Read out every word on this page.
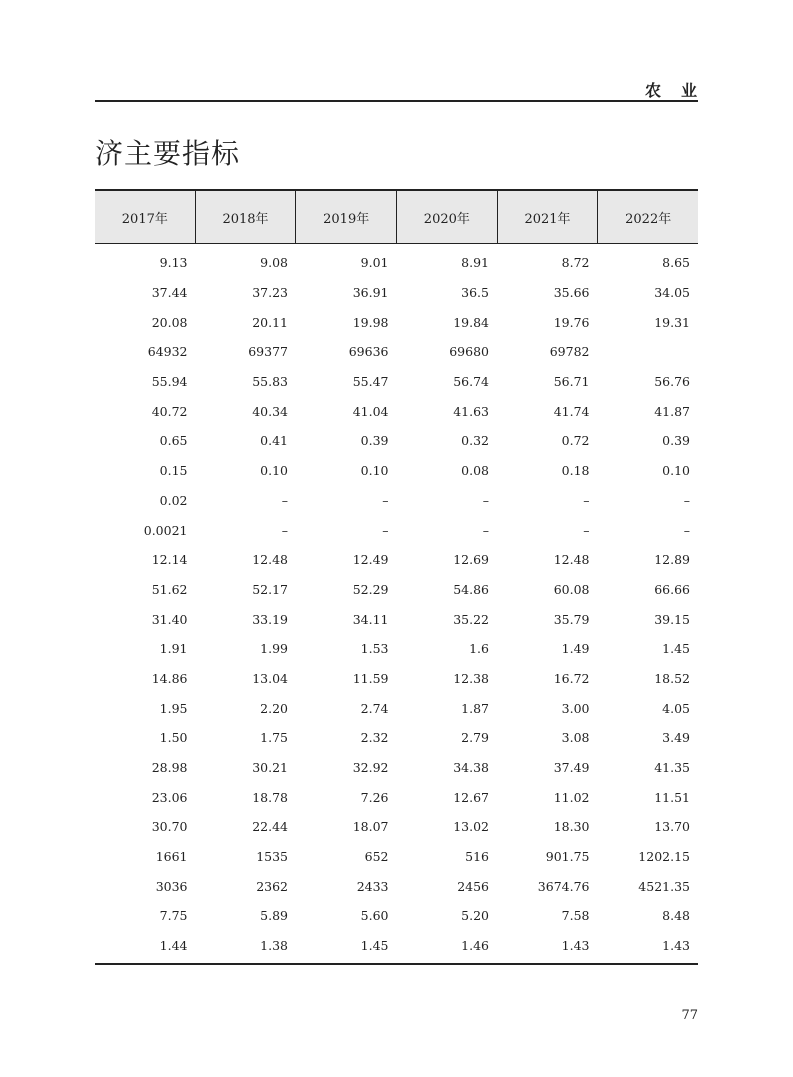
农业
济主要指标
2017年	2018年	2019年	2020年	2021年	2022年
9.13	9.08	9.01	8.91	8.72	8.65
37.44	37.23	36.91	36.5	35.66	34.05
20.08	20.11	19.98	19.84	19.76	19.31
64932	69377	69636	69680	69782
55.94	55.83	55.47	56.74	56.71	56.76
40.72	40.34	41.04	41.63	41.74	41.87
0.65	0.41	0.39	0.32	0.72	0.39
0.15	0.10	0.10	0.08	0.18	0.10
0.02	–	–	–	–	–
0.0021	–	–	–	–	–
12.14	12.48	12.49	12.69	12.48	12.89
51.62	52.17	52.29	54.86	60.08	66.66
31.40	33.19	34.11	35.22	35.79	39.15
1.91	1.99	1.53	1.6	1.49	1.45
14.86	13.04	11.59	12.38	16.72	18.52
1.95	2.20	2.74	1.87	3.00	4.05
1.50	1.75	2.32	2.79	3.08	3.49
28.98	30.21	32.92	34.38	37.49	41.35
23.06	18.78	7.26	12.67	11.02	11.51
30.70	22.44	18.07	13.02	18.30	13.70
1661	1535	652	516	901.75	1202.15
3036	2362	2433	2456	3674.76	4521.35
7.75	5.89	5.60	5.20	7.58	8.48
1.44	1.38	1.45	1.46	1.43	1.43
77
